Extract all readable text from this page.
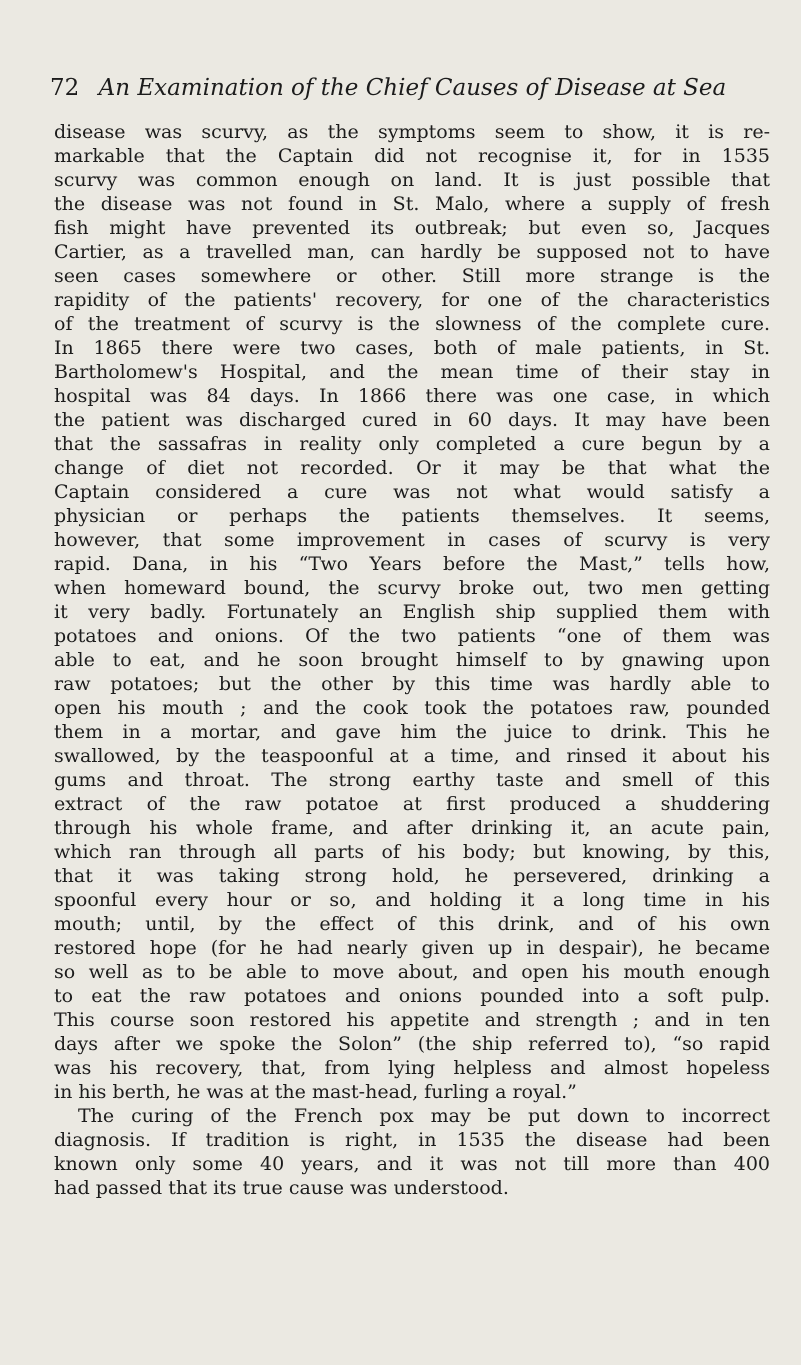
72 An Examination of the Chief Causes of Disease at Sea
disease was scurvy, as the symptoms seem to show, it is re-
markable that the Captain did not recognise it, for in 1535
scurvy was common enough on land. It is just possible that
the disease was not found in St. Malo, where a supply of fresh
fish might have prevented its outbreak; but even so, Jacques
Cartier, as a travelled man, can hardly be supposed not to have
seen cases somewhere or other. Still more strange is the
rapidity of the patients' recovery, for one of the characteristics
of the treatment of scurvy is the slowness of the complete cure.
In 1865 there were two cases, both of male patients, in St.
Bartholomew's Hospital, and the mean time of their stay in
hospital was 84 days. In 1866 there was one case, in which
the patient was discharged cured in 60 days. It may have been
that the sassafras in reality only completed a cure begun by a
change of diet not recorded. Or it may be that what the
Captain considered a cure was not what would satisfy a
physician or perhaps the patients themselves. It seems,
however, that some improvement in cases of scurvy is very
rapid. Dana, in his “Two Years before the Mast,” tells how,
when homeward bound, the scurvy broke out, two men getting
it very badly. Fortunately an English ship supplied them with
potatoes and onions. Of the two patients “one of them was
able to eat, and he soon brought himself to by gnawing upon
raw potatoes; but the other by this time was hardly able to
open his mouth ; and the cook took the potatoes raw, pounded
them in a mortar, and gave him the juice to drink. This he
swallowed, by the teaspoonful at a time, and rinsed it about his
gums and throat. The strong earthy taste and smell of this
extract of the raw potatoe at first produced a shuddering
through his whole frame, and after drinking it, an acute pain,
which ran through all parts of his body; but knowing, by this,
that it was taking strong hold, he persevered, drinking a
spoonful every hour or so, and holding it a long time in his
mouth; until, by the effect of this drink, and of his own
restored hope (for he had nearly given up in despair), he became
so well as to be able to move about, and open his mouth enough
to eat the raw potatoes and onions pounded into a soft pulp.
This course soon restored his appetite and strength ; and in ten
days after we spoke the Solon” (the ship referred to), “so rapid
was his recovery, that, from lying helpless and almost hopeless
in his berth, he was at the mast-head, furling a royal.”
The curing of the French pox may be put down to incorrect
diagnosis. If tradition is right, in 1535 the disease had been
known only some 40 years, and it was not till more than 400
had passed that its true cause was understood.
